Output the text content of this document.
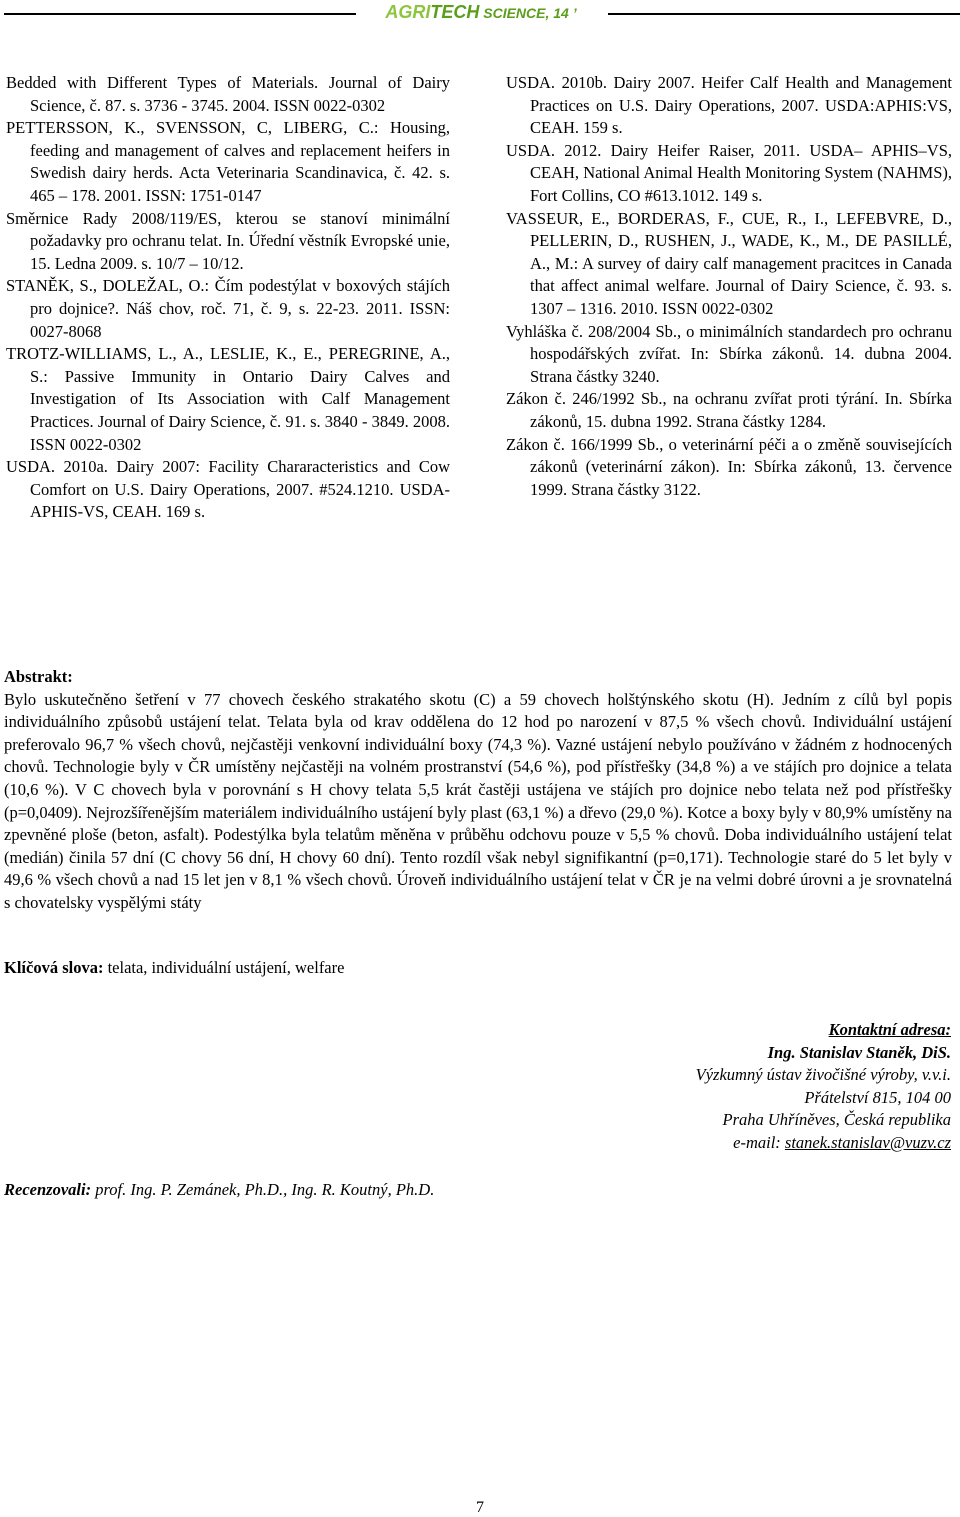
AGRITECH SCIENCE, 14 ’
Bedded with Different Types of Materials. Journal of Dairy Science, č. 87. s. 3736 - 3745. 2004. ISSN 0022-0302
PETTERSSON, K., SVENSSON, C, LIBERG, C.: Housing, feeding and management of calves and replacement heifers in Swedish dairy herds. Acta Veterinaria Scandinavica, č. 42. s. 465 – 178. 2001. ISSN: 1751-0147
Směrnice Rady 2008/119/ES, kterou se stanoví minimální požadavky pro ochranu telat. In. Úřední věstník Evropské unie, 15. Ledna 2009. s. 10/7 – 10/12.
STANĚK, S., DOLEŽAL, O.: Čím podestýlat v boxových stájích pro dojnice?. Náš chov, roč. 71, č. 9, s. 22-23. 2011. ISSN: 0027-8068
TROTZ-WILLIAMS, L., A., LESLIE, K., E., PEREGRINE, A., S.: Passive Immunity in Ontario Dairy Calves and Investigation of Its Association with Calf Management Practices. Journal of Dairy Science, č. 91. s. 3840 - 3849. 2008. ISSN 0022-0302
USDA. 2010a. Dairy 2007: Facility Chararacteristics and Cow Comfort on U.S. Dairy Operations, 2007. #524.1210. USDA-APHIS-VS, CEAH. 169 s.
USDA. 2010b. Dairy 2007. Heifer Calf Health and Management Practices on U.S. Dairy Operations, 2007. USDA:APHIS:VS, CEAH. 159 s.
USDA. 2012. Dairy Heifer Raiser, 2011. USDA– APHIS–VS, CEAH, National Animal Health Monitoring System (NAHMS), Fort Collins, CO #613.1012. 149 s.
VASSEUR, E., BORDERAS, F., CUE, R., I., LEFEBVRE, D., PELLERIN, D., RUSHEN, J., WADE, K., M., DE PASILLÉ, A., M.: A survey of dairy calf management pracitces in Canada that affect animal welfare. Journal of Dairy Science, č. 93. s. 1307 – 1316. 2010. ISSN 0022-0302
Vyhláška č. 208/2004 Sb., o minimálních standardech pro ochranu hospodářských zvířat. In: Sbírka zákonů. 14. dubna 2004. Strana částky 3240.
Zákon č. 246/1992 Sb., na ochranu zvířat proti týrání. In. Sbírka zákonů, 15. dubna 1992. Strana částky 1284.
Zákon č. 166/1999 Sb., o veterinární péči a o změně souvisejících zákonů (veterinární zákon). In: Sbírka zákonů, 13. července 1999. Strana částky 3122.
Abstrakt:
Bylo uskutečněno šetření v 77 chovech českého strakatého skotu (C) a 59 chovech holštýnského skotu (H). Jedním z cílů byl popis individuálního způsobů ustájení telat. Telata byla od krav oddělena do 12 hod po narození v 87,5 % všech chovů. Individuální ustájení preferovalo 96,7 % všech chovů, nejčastěji venkovní individuální boxy (74,3 %). Vazné ustájení nebylo používáno v žádném z hodnocených chovů. Technologie byly v ČR umístěny nejčastěji na volném prostranství (54,6 %), pod přístřešky (34,8 %) a ve stájích pro dojnice a telata (10,6 %). V C chovech byla v porovnání s H chovy telata 5,5 krát častěji ustájena ve stájích pro dojnice nebo telata než pod přístřešky (p=0,0409). Nejrozšířenějším materiálem individuálního ustájení byly plast (63,1 %) a dřevo (29,0 %). Kotce a boxy byly v 80,9% umístěny na zpevněné ploše (beton, asfalt). Podestýlka byla telatům měněna v průběhu odchovu pouze v 5,5 % chovů. Doba individuálního ustájení telat (medián) činila 57 dní (C chovy 56 dní, H chovy 60 dní). Tento rozdíl však nebyl signifikantní (p=0,171). Technologie staré do 5 let byly v 49,6 % všech chovů a nad 15 let jen v 8,1 % všech chovů. Úroveň individuálního ustájení telat v ČR je na velmi dobré úrovni a je srovnatelná s chovatelsky vyspělými státy
Klíčová slova: telata, individuální ustájení, welfare
Kontaktní adresa:
Ing. Stanislav Staněk, DiS.
Výzkumný ústav živočišné výroby, v.v.i.
Přátelství 815, 104 00
Praha Uhříněves, Česká republika
e-mail: stanek.stanislav@vuzv.cz
Recenzovali: prof. Ing. P. Zemánek, Ph.D., Ing. R. Koutný, Ph.D.
7
